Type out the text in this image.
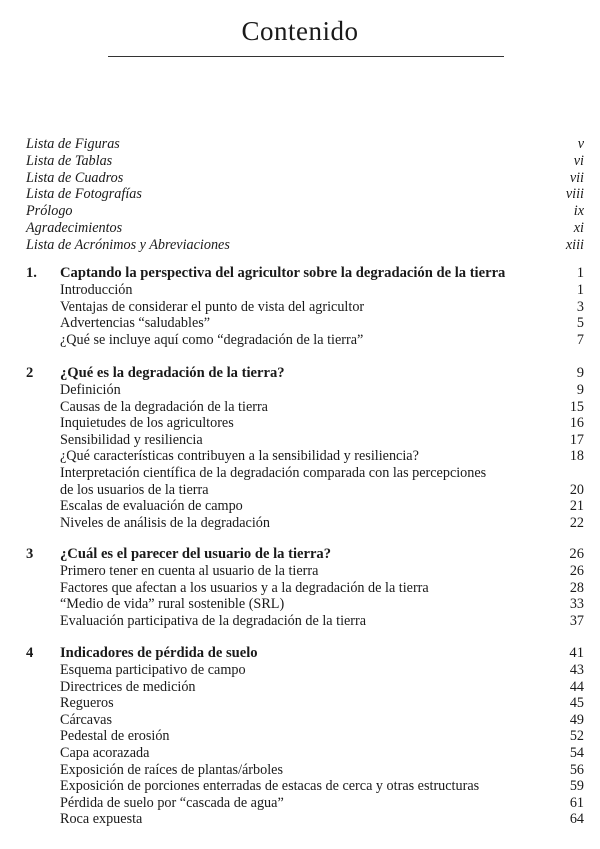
Contenido
Lista de Figuras	v
Lista de Tablas	vi
Lista de Cuadros	vii
Lista de Fotografías	viii
Prólogo	ix
Agradecimientos	xi
Lista de Acrónimos y Abreviaciones	xiii
1. Captando la perspectiva del agricultor sobre la degradación de la tierra	1
Introducción	1
Ventajas de considerar el punto de vista del agricultor	3
Advertencias “saludables”	5
¿Qué se incluye aquí como “degradación de la tierra”	7
2 ¿Qué es la degradación de la tierra?	9
Definición	9
Causas de la degradación de la tierra	15
Inquietudes de los agricultores	16
Sensibilidad y resiliencia	17
¿Qué características contribuyen a la sensibilidad y resiliencia?	18
Interpretación científica de la degradación comparada con las percepciones
de los usuarios de la tierra	20
Escalas de evaluación de campo	21
Niveles de análisis de la degradación	22
3 ¿Cuál es el parecer del usuario de la tierra?	26
Primero tener en cuenta al usuario de la tierra	26
Factores que afectan a los usuarios y a la degradación de la tierra	28
“Medio de vida” rural sostenible (SRL)	33
Evaluación participativa de la degradación de la tierra	37
4 Indicadores de pérdida de suelo	41
Esquema participativo de campo	43
Directrices de medición	44
Regueros	45
Cárcavas	49
Pedestal de erosión	52
Capa acorazada	54
Exposición de raíces de plantas/árboles	56
Exposición de porciones enterradas de estacas de cerca y otras estructuras	59
Pérdida de suelo por “cascada de agua”	61
Roca expuesta	64
